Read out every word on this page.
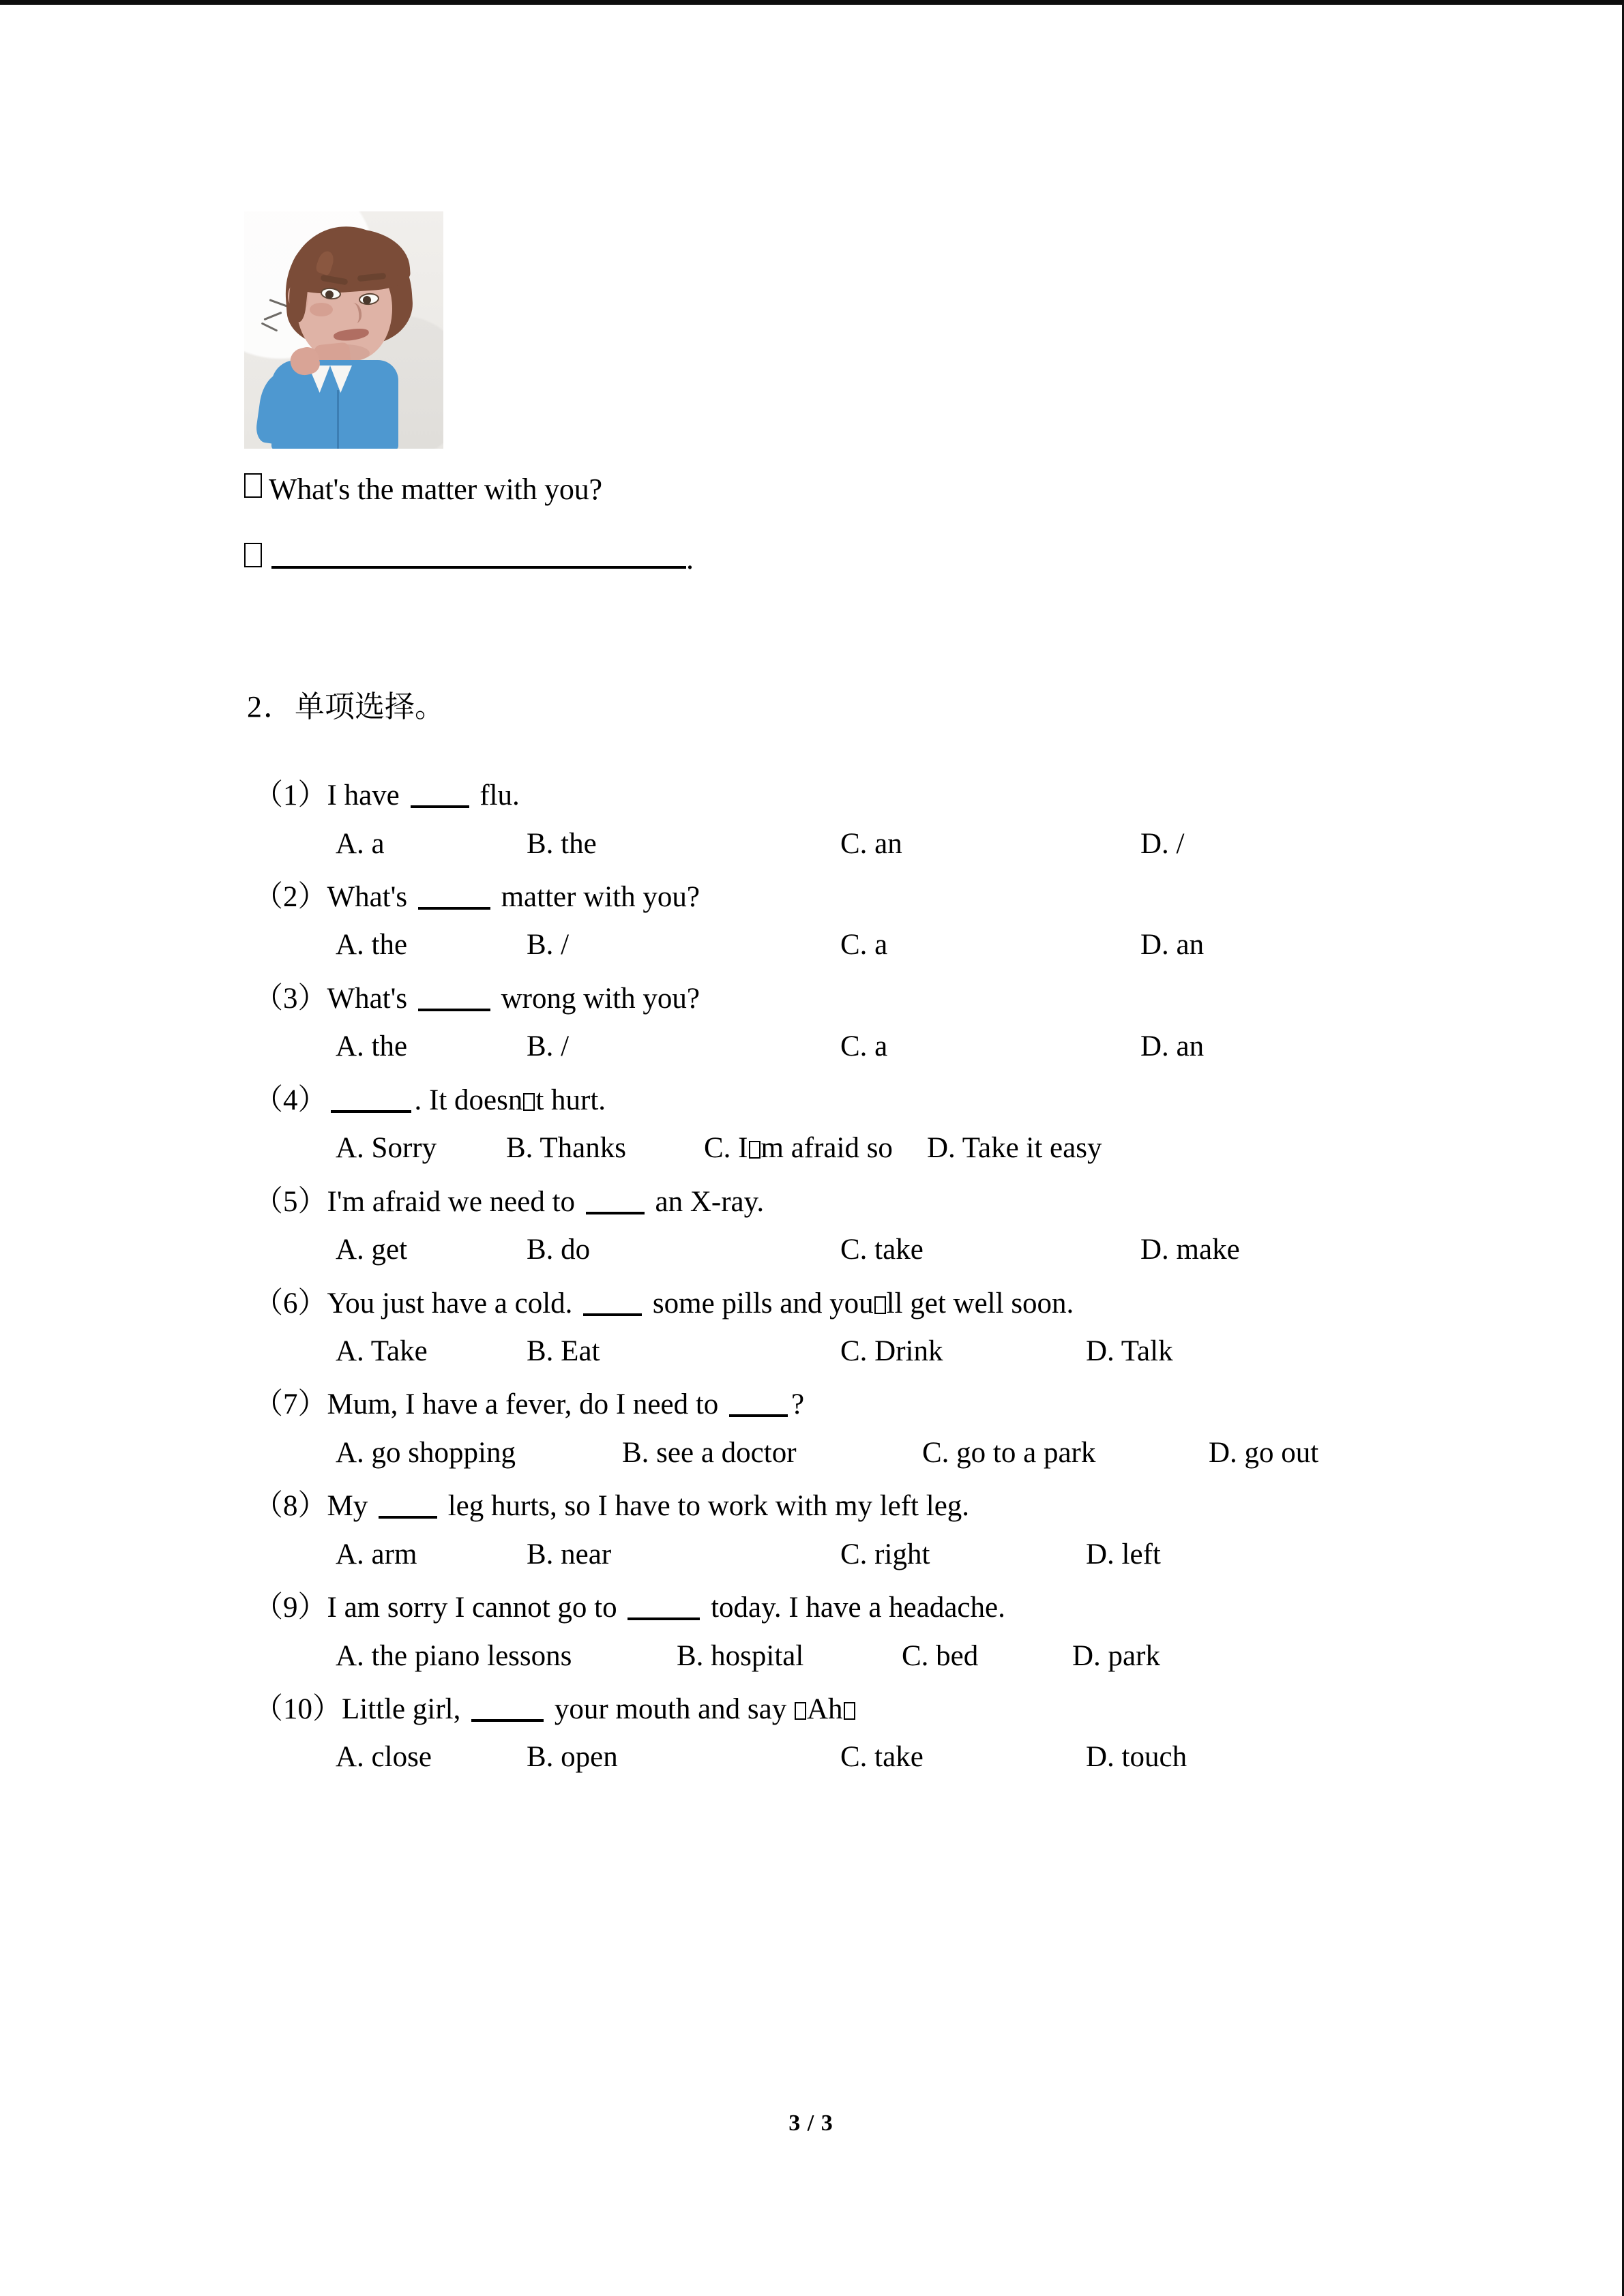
What's the matter with you?
.

2．单项选择。

（1）I have  flu.
A. a	B. the	C. an	D. /
（2）What's	matter with you?
A. the	B. /	C. a	D. an
（3）What's	wrong with you?
A. the	B. /	C. a	D. an
（4）	. It doesn t hurt.
A. Sorry B. Thanks	C. I m afraid so D. Take it easy
（5）I'm afraid we need to  an X-ray.
A. get	B. do	C. take	D. make
（6）You just have a cold.  some pills and you ll get well soon.
A. Take	B. Eat	C. Drink	D. Talk
（7）Mum, I have a fever, do I need to ?
A. go shopping	B. see a doctor	C. go to a park	D. go out
（8）My  leg hurts, so I have to work with my left leg.
A. arm	B. near	C. right	D. left
（9）I am sorry I cannot go to	today. I have a headache.
A. the piano lessons	B. hospital	C. bed	D. park
（10）Little girl,	your mouth and say Ah
A. close	B. open	C. take	D. touch
3 / 3
